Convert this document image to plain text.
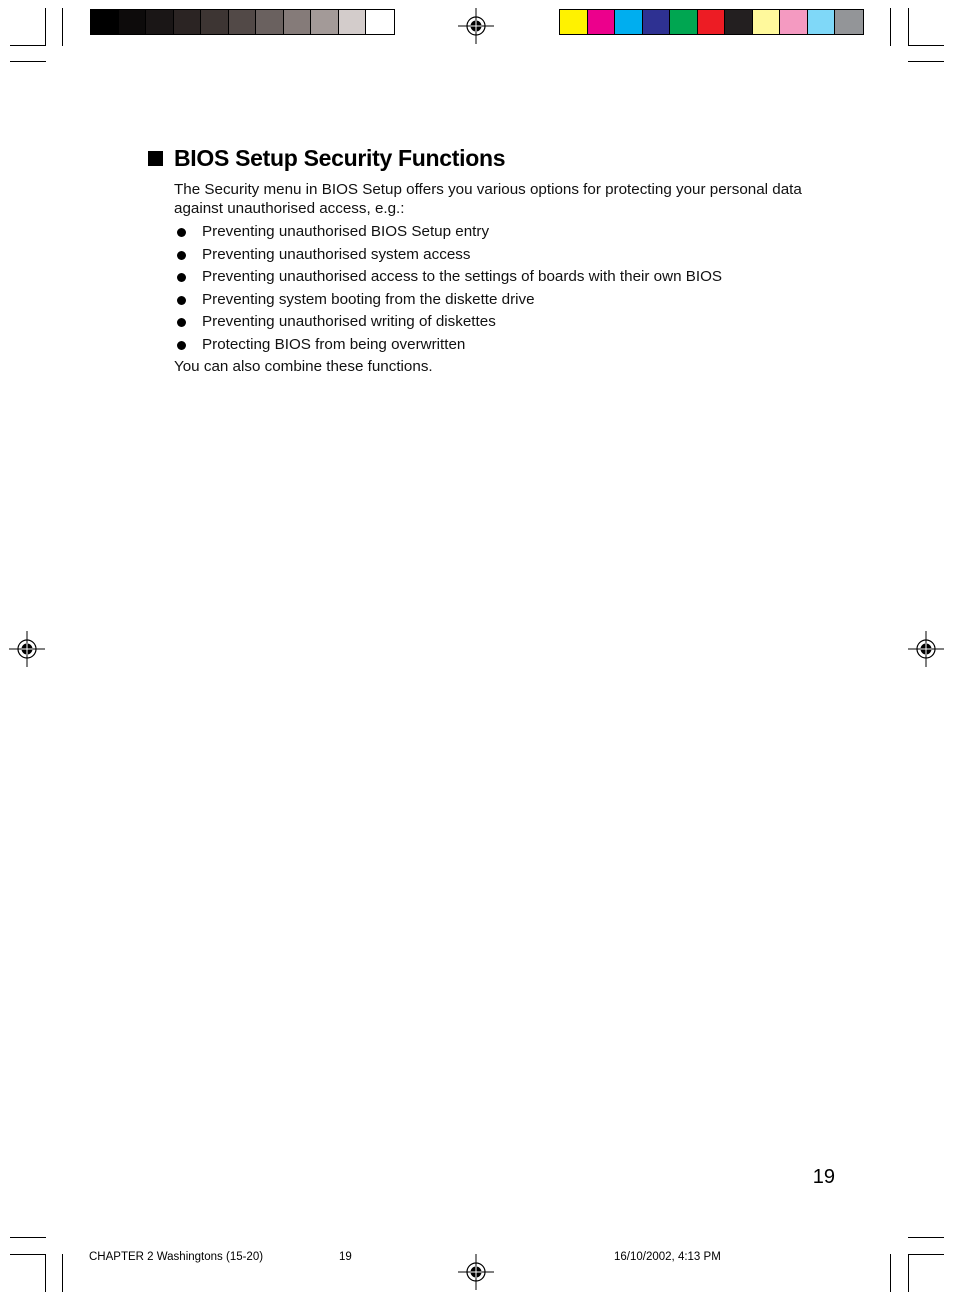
BIOS Setup Security Functions

The Security menu in BIOS Setup offers you various options for protecting your personal data against unauthorised access, e.g.:

Preventing unauthorised BIOS Setup entry
Preventing unauthorised system access
Preventing unauthorised access to the settings of boards with their own BIOS
Preventing system booting from the diskette drive
Preventing unauthorised writing of diskettes
Protecting BIOS from being overwritten

You can also combine these functions.

19
CHAPTER 2 Washingtons (15-20)	19	16/10/2002, 4:13 PM
